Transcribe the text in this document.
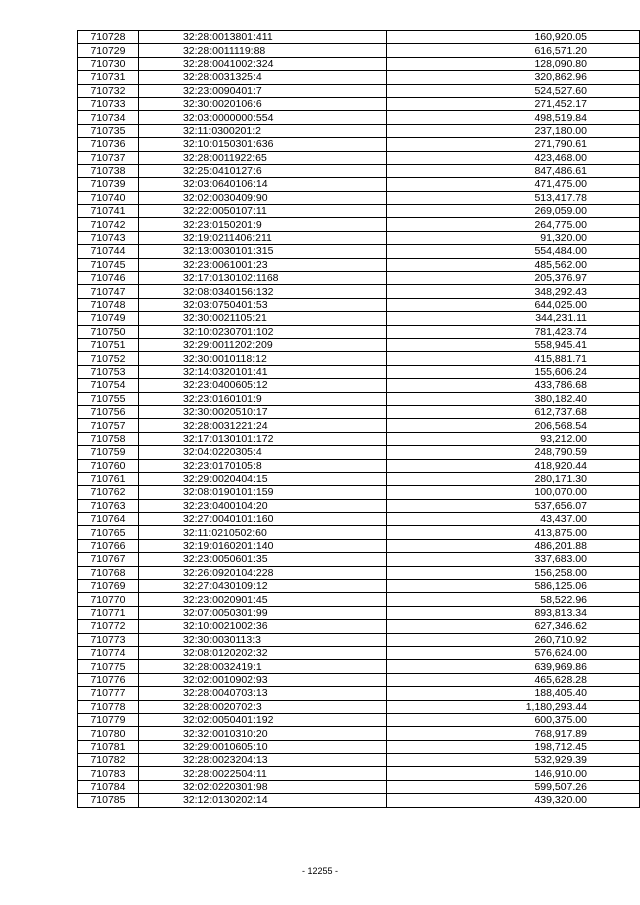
710728	32:28:0013801:411	160,920.05
710729	32:28:0011119:88	616,571.20
710730	32:28:0041002:324	128,090.80
710731	32:28:0031325:4	320,862.96
710732	32:23:0090401:7	524,527.60
710733	32:30:0020106:6	271,452.17
710734	32:03:0000000:554	498,519.84
710735	32:11:0300201:2	237,180.00
710736	32:10:0150301:636	271,790.61
710737	32:28:0011922:65	423,468.00
710738	32:25:0410127:6	847,486.61
710739	32:03:0640106:14	471,475.00
710740	32:02:0030409:90	513,417.78
710741	32:22:0050107:11	269,059.00
710742	32:23:0150201:9	264,775.00
710743	32:19:0211406:211	91,320.00
710744	32:13:0030101:315	554,484.00
710745	32:23:0061001:23	485,562.00
710746	32:17:0130102:1168	205,376.97
710747	32:08:0340156:132	348,292.43
710748	32:03:0750401:53	644,025.00
710749	32:30:0021105:21	344,231.11
710750	32:10:0230701:102	781,423.74
710751	32:29:0011202:209	558,945.41
710752	32:30:0010118:12	415,881.71
710753	32:14:0320101:41	155,606.24
710754	32:23:0400605:12	433,786.68
710755	32:23:0160101:9	380,182.40
710756	32:30:0020510:17	612,737.68
710757	32:28:0031221:24	206,568.54
710758	32:17:0130101:172	93,212.00
710759	32:04:0220305:4	248,790.59
710760	32:23:0170105:8	418,920.44
710761	32:29:0020404:15	280,171.30
710762	32:08:0190101:159	100,070.00
710763	32:23:0400104:20	537,656.07
710764	32:27:0040101:160	43,437.00
710765	32:11:0210502:60	413,875.00
710766	32:19:0160201:140	486,201.88
710767	32:23:0050601:35	337,683.00
710768	32:26:0920104:228	156,258.00
710769	32:27:0430109:12	586,125.06
710770	32:23:0020901:45	58,522.96
710771	32:07:0050301:99	893,813.34
710772	32:10:0021002:36	627,346.62
710773	32:30:0030113:3	260,710.92
710774	32:08:0120202:32	576,624.00
710775	32:28:0032419:1	639,969.86
710776	32:02:0010902:93	465,628.28
710777	32:28:0040703:13	188,405.40
710778	32:28:0020702:3	1,180,293.44
710779	32:02:0050401:192	600,375.00
710780	32:32:0010310:20	768,917.89
710781	32:29:0010605:10	198,712.45
710782	32:28:0023204:13	532,929.39
710783	32:28:0022504:11	146,910.00
710784	32:02:0220301:98	599,507.26
710785	32:12:0130202:14	439,320.00
- 12255 -
